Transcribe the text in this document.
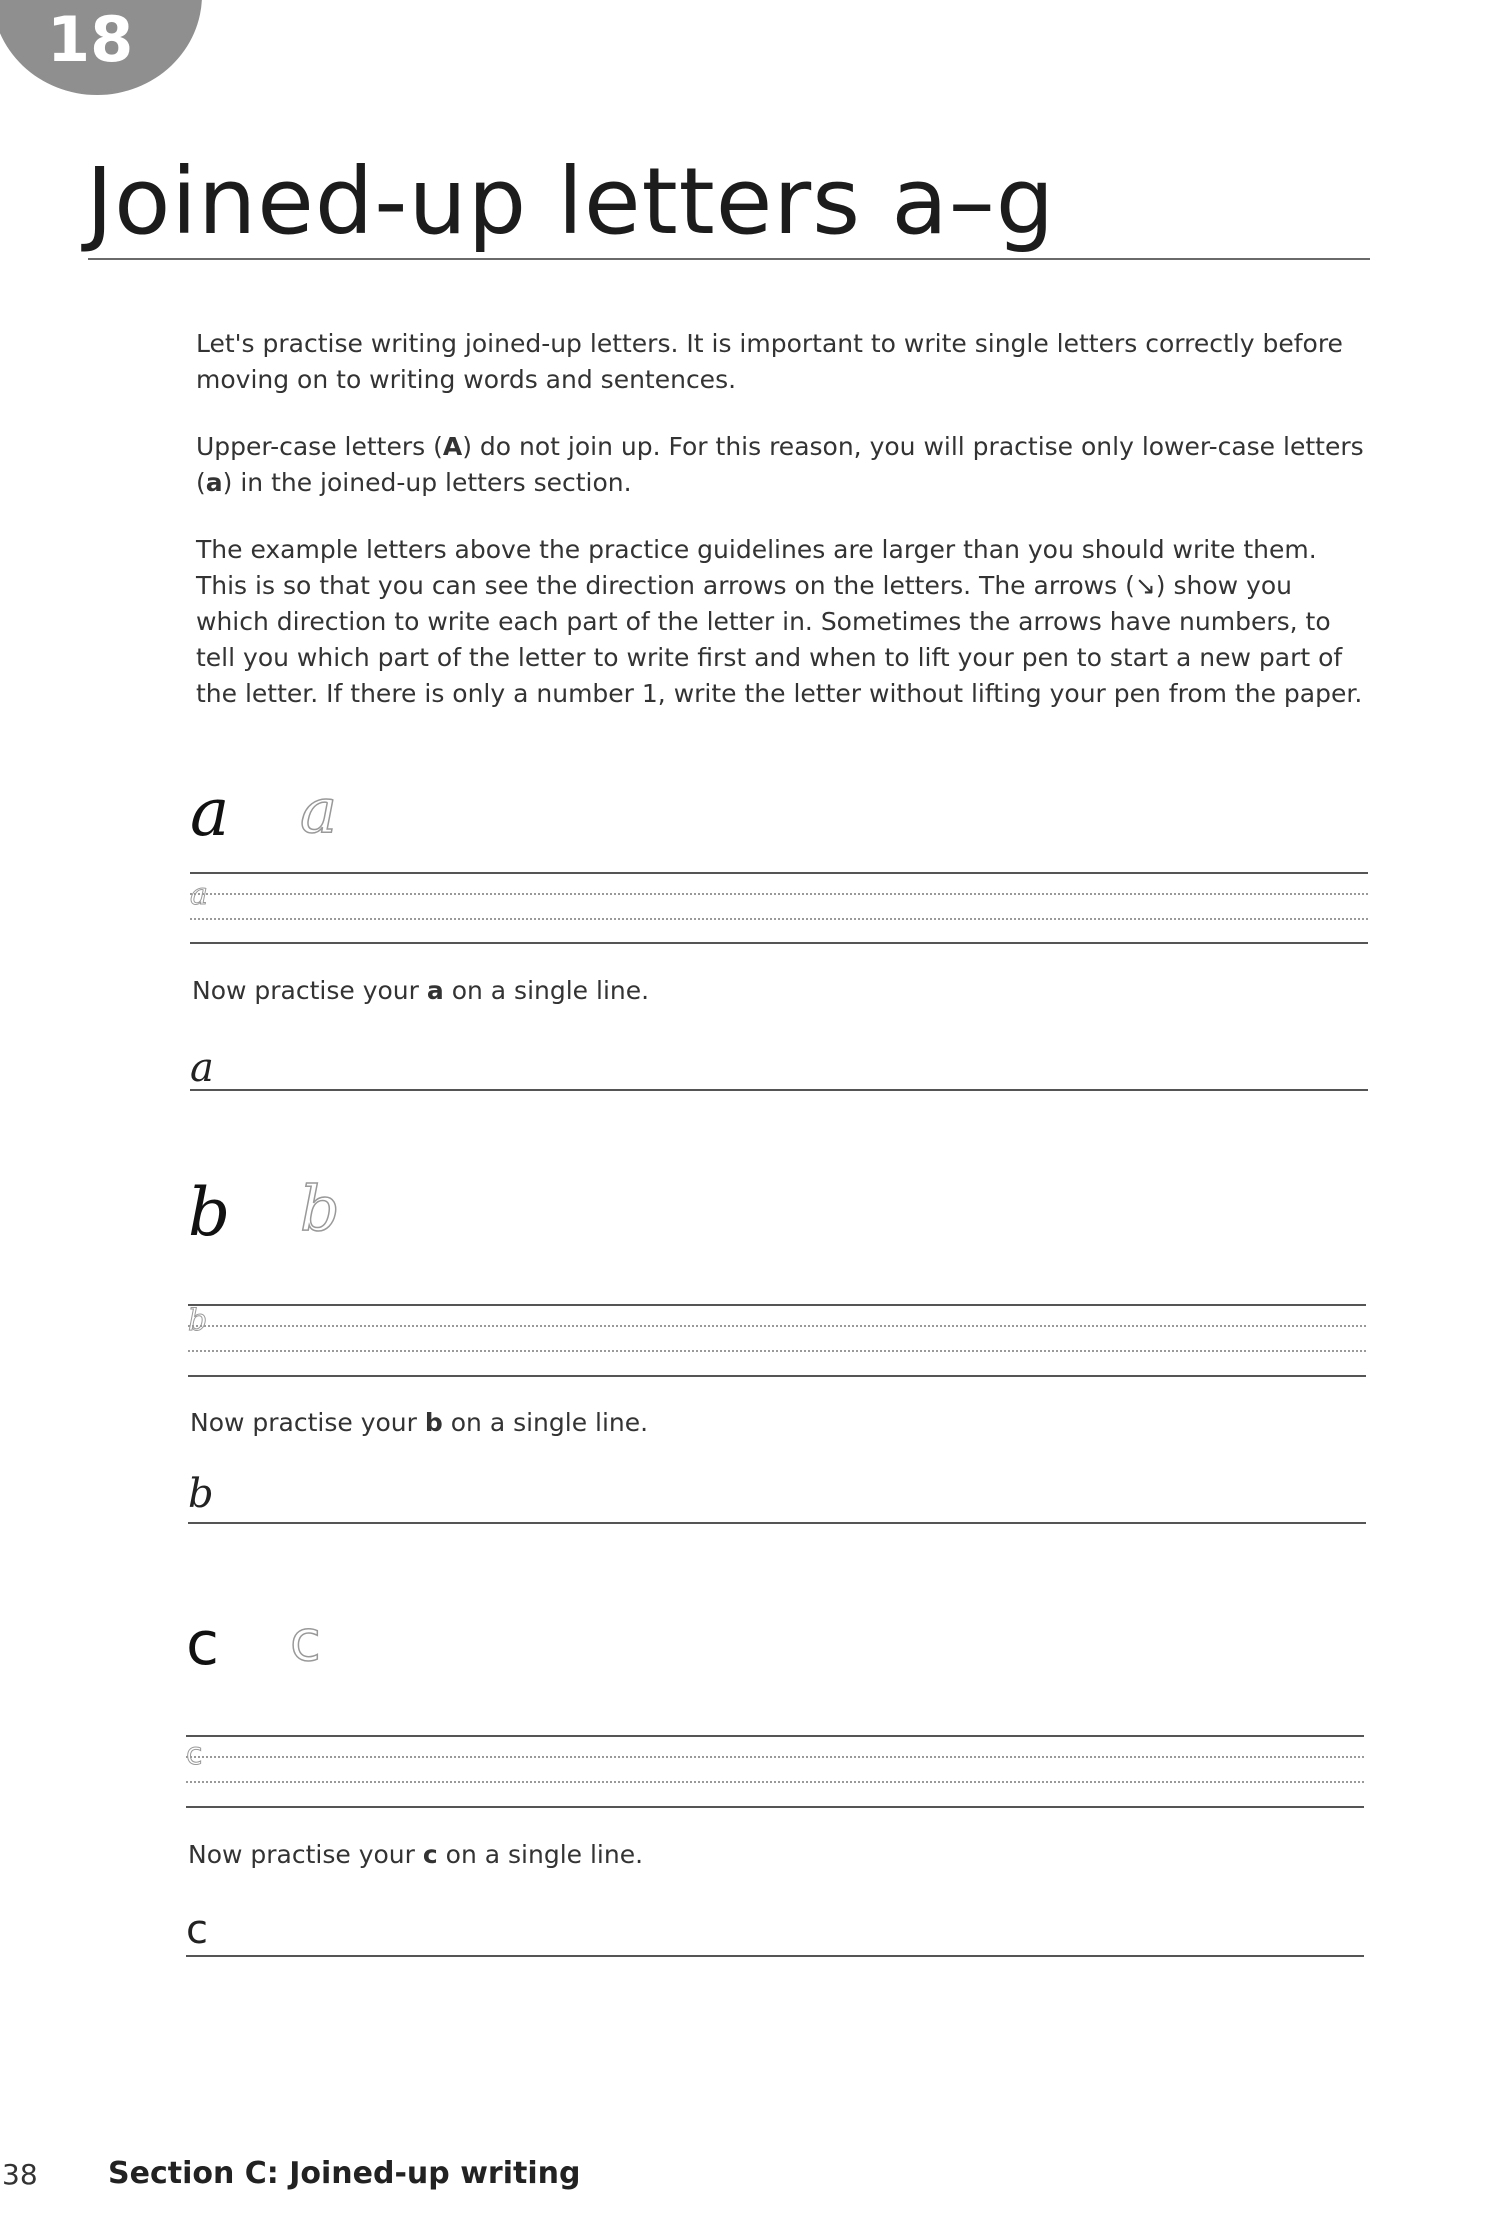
18
Joined-up letters a–g

Let's practise writing joined-up letters. It is important to write single letters correctly before moving on to writing words and sentences.

Upper-case letters (A) do not join up. For this reason, you will practise only lower-case letters (a) in the joined-up letters section.

The example letters above the practice guidelines are larger than you should write them. This is so that you can see the direction arrows on the letters. The arrows (↘) show you which direction to write each part of the letter in. Sometimes the arrows have numbers, to tell you which part of the letter to write first and when to lift your pen to start a new part of the letter. If there is only a number 1, write the letter without lifting your pen from the paper.

a a
a
Now practise your a on a single line.
a
b b
b
Now practise your b on a single line.
b
c c
c
Now practise your c on a single line.
c
38 Section C: Joined-up writing
